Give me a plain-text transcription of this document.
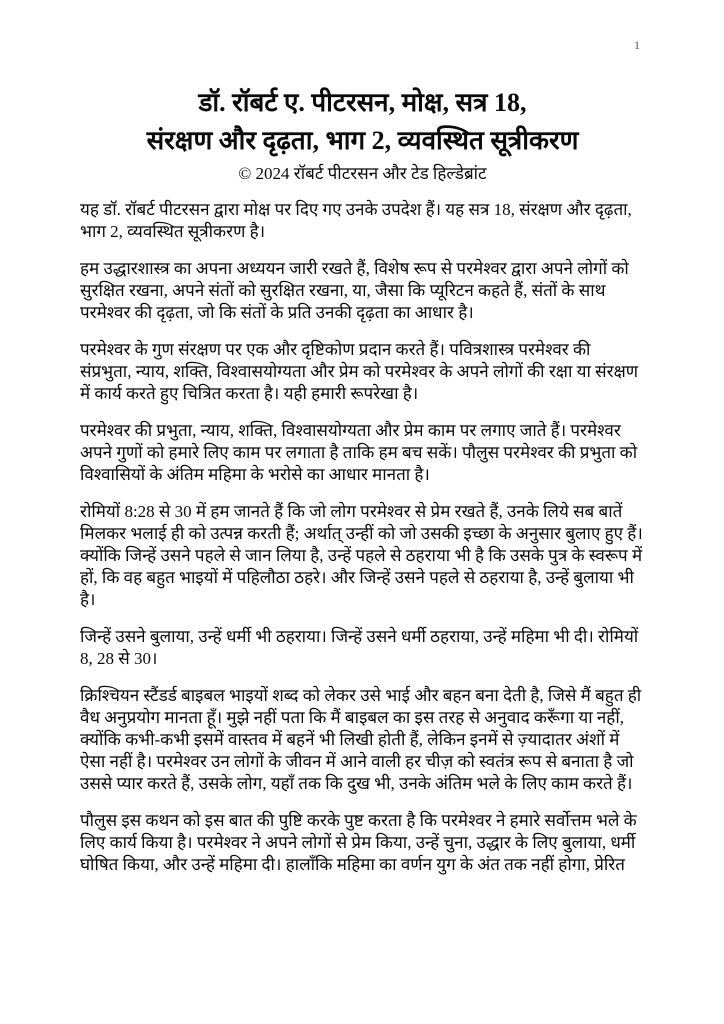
1
डॉ. रॉबर्ट ए. पीटरसन, मोक्ष, सत्र 18,
संरक्षण और दृढ़ता, भाग 2, व्यवस्थित सूत्रीकरण
© 2024 रॉबर्ट पीटरसन और टेड हिल्डेब्रांट

यह डॉ. रॉबर्ट पीटरसन द्वारा मोक्ष पर दिए गए उनके उपदेश हैं। यह सत्र 18, संरक्षण और दृढ़ता, भाग 2, व्यवस्थित सूत्रीकरण है।

हम उद्धारशास्त्र का अपना अध्ययन जारी रखते हैं, विशेष रूप से परमेश्वर द्वारा अपने लोगों को सुरक्षित रखना, अपने संतों को सुरक्षित रखना, या, जैसा कि प्यूरिटन कहते हैं, संतों के साथ परमेश्वर की दृढ़ता, जो कि संतों के प्रति उनकी दृढ़ता का आधार है।

परमेश्वर के गुण संरक्षण पर एक और दृष्टिकोण प्रदान करते हैं। पवित्रशास्त्र परमेश्वर की संप्रभुता, न्याय, शक्ति, विश्वासयोग्यता और प्रेम को परमेश्वर के अपने लोगों की रक्षा या संरक्षण में कार्य करते हुए चित्रित करता है। यही हमारी रूपरेखा है।

परमेश्वर की प्रभुता, न्याय, शक्ति, विश्वासयोग्यता और प्रेम काम पर लगाए जाते हैं। परमेश्वर अपने गुणों को हमारे लिए काम पर लगाता है ताकि हम बच सकें। पौलुस परमेश्वर की प्रभुता को विश्वासियों के अंतिम महिमा के भरोसे का आधार मानता है।

रोमियों 8:28 से 30 में हम जानते हैं कि जो लोग परमेश्वर से प्रेम रखते हैं, उनके लिये सब बातें मिलकर भलाई ही को उत्पन्न करती हैं; अर्थात् उन्हीं को जो उसकी इच्छा के अनुसार बुलाए हुए हैं। क्योंकि जिन्हें उसने पहले से जान लिया है, उन्हें पहले से ठहराया भी है कि उसके पुत्र के स्वरूप में हों, कि वह बहुत भाइयों में पहिलौठा ठहरे। और जिन्हें उसने पहले से ठहराया है, उन्हें बुलाया भी है।

जिन्हें उसने बुलाया, उन्हें धर्मी भी ठहराया। जिन्हें उसने धर्मी ठहराया, उन्हें महिमा भी दी। रोमियों 8, 28 से 30।

क्रिश्चियन स्टैंडर्ड बाइबल भाइयों शब्द को लेकर उसे भाई और बहन बना देती है, जिसे मैं बहुत ही वैध अनुप्रयोग मानता हूँ। मुझे नहीं पता कि मैं बाइबल का इस तरह से अनुवाद करूँगा या नहीं, क्योंकि कभी-कभी इसमें वास्तव में बहनें भी लिखी होती हैं, लेकिन इनमें से ज़्यादातर अंशों में ऐसा नहीं है। परमेश्वर उन लोगों के जीवन में आने वाली हर चीज़ को स्वतंत्र रूप से बनाता है जो उससे प्यार करते हैं, उसके लोग, यहाँ तक कि दुख भी, उनके अंतिम भले के लिए काम करते हैं।

पौलुस इस कथन को इस बात की पुष्टि करके पुष्ट करता है कि परमेश्वर ने हमारे सर्वोत्तम भले के लिए कार्य किया है। परमेश्वर ने अपने लोगों से प्रेम किया, उन्हें चुना, उद्धार के लिए बुलाया, धर्मी घोषित किया, और उन्हें महिमा दी। हालाँकि महिमा का वर्णन युग के अंत तक नहीं होगा, प्रेरित
